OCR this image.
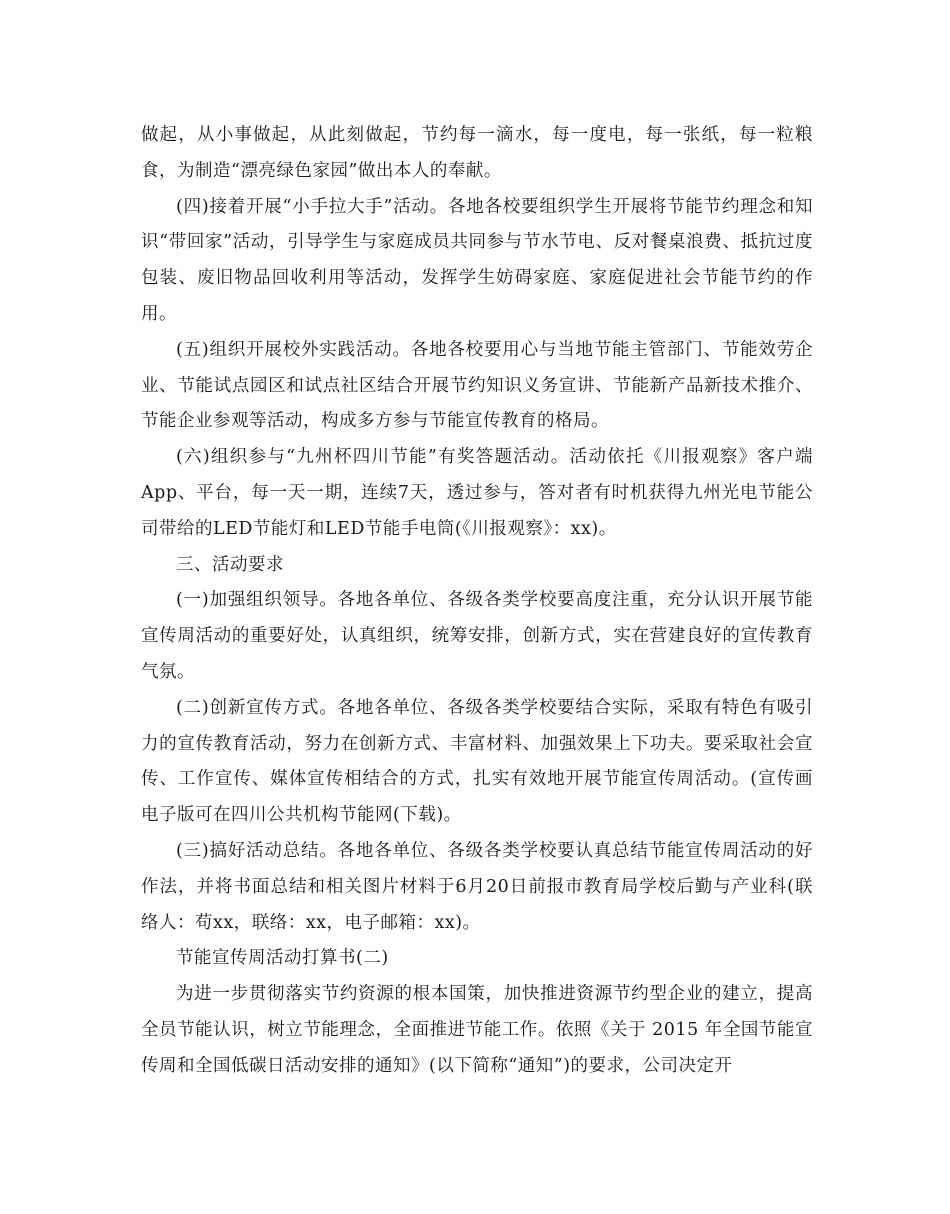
做起，从小事做起，从此刻做起，节约每一滴水，每一度电，每一张纸，每一粒粮食，为制造“漂亮绿色家园”做出本人的奉献。

(四)接着开展“小手拉大手”活动。各地各校要组织学生开展将节能节约理念和知识“带回家”活动，引导学生与家庭成员共同参与节水节电、反对餐桌浪费、抵抗过度包装、废旧物品回收利用等活动，发挥学生妨碍家庭、家庭促进社会节能节约的作用。

(五)组织开展校外实践活动。各地各校要用心与当地节能主管部门、节能效劳企业、节能试点园区和试点社区结合开展节约知识义务宣讲、节能新产品新技术推介、节能企业参观等活动，构成多方参与节能宣传教育的格局。

(六)组织参与“九州杯四川节能”有奖答题活动。活动依托《川报观察》客户端App、平台，每一天一期，连续7天，透过参与，答对者有时机获得九州光电节能公司带给的LED节能灯和LED节能手电筒(《川报观察》：xx)。

三、活动要求

(一)加强组织领导。各地各单位、各级各类学校要高度注重，充分认识开展节能宣传周活动的重要好处，认真组织，统筹安排，创新方式，实在营建良好的宣传教育气氛。

(二)创新宣传方式。各地各单位、各级各类学校要结合实际，采取有特色有吸引力的宣传教育活动，努力在创新方式、丰富材料、加强效果上下功夫。要采取社会宣传、工作宣传、媒体宣传相结合的方式，扎实有效地开展节能宣传周活动。(宣传画电子版可在四川公共机构节能网(下载)。

(三)搞好活动总结。各地各单位、各级各类学校要认真总结节能宣传周活动的好作法，并将书面总结和相关图片材料于6月20日前报市教育局学校后勤与产业科(联络人：苟xx，联络：xx，电子邮箱：xx)。

节能宣传周活动打算书(二)

为进一步贯彻落实节约资源的根本国策，加快推进资源节约型企业的建立，提高全员节能认识，树立节能理念，全面推进节能工作。依照《关于 2015 年全国节能宣传周和全国低碳日活动安排的通知》(以下简称“通知”)的要求，公司决定开
